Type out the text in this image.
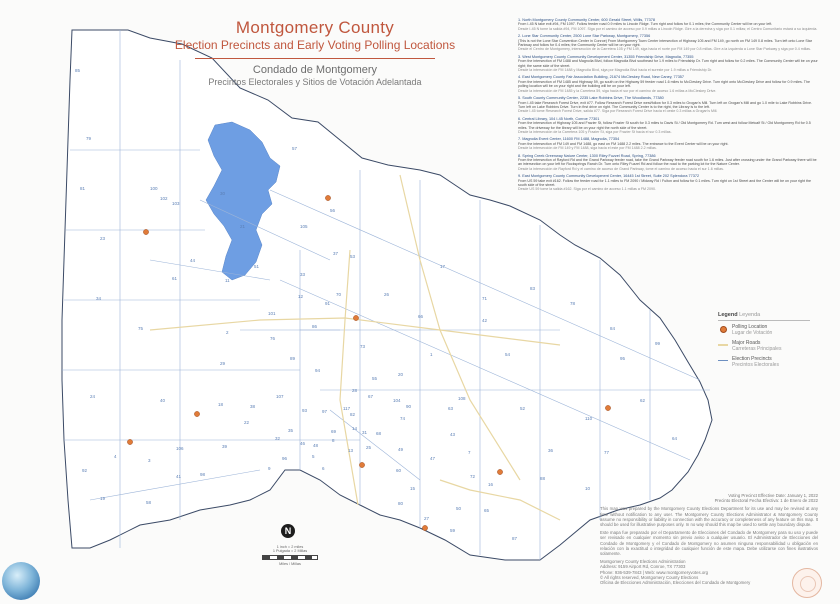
85
79
81
23
100
102
103
30
44
57
17
56
26
33
11
51
12
37
53
86
101
66
42
91
70
29
89
94
20
55
104
107
117
38
32
35
40
18
24
63
97
69	31 68
48
13
25	49
82
7
72
15
80
27
65
50
47
43
16
60
74
28
67
8
14
46
96	5
6
9
22
3
41
4
92
19
58
98
106	39
93
90
108
71
83
78
84
95
99
54
52
110
36	77
62
64
88
10
59
87
75
61
34
21	105
76
1
2
73
Montgomery County
Election Precincts and Early Voting Polling Locations
Condado de Montgomery
Precintos Electorales y Sitios de Votación Adelantada
1. North Montgomery County Community Center, 600 Gerald Street, Willis, 77378
From I-45 N take exit #94, FM 1097. Follow feeder road 0.9 miles to Lincoln Ridge. Turn right and follow for 0.1 miles; the Community Center will be on your left.
Desde I-45 N tome la salida #94, FM 1097. Siga por el camino de acceso por 0.9 millas a Lincoln Ridge. Gire a la derecha y siga por 0.1 millas; el Centro Comunitario estará a su izquierda.
2. Lone Star Community Center, 2500 Lone Star Parkway, Montgomery, 77356
(This is not the Lone Star Convention Center in Conroe) From Montgomery Town Center intersection of Highway 105 and FM 149, go north on FM 149 0.8 miles. Turn left onto Lone Star Parkway and follow for 0.4 miles; the Community Center will be on your right.
Desde el Centro de Montgomery, intersección de la Carretera 105 y FM 149, siga hacia el norte por FM 149 por 0.8 millas. Gire a la izquierda a Lone Star Parkway y siga por 0.4 millas.
3. West Montgomery County Community Development Center, 31355 Friendship Drive, Magnolia, 77355
From the intersection of FM 1488 and Magnolia Blvd, follow Magnolia Blvd southeast for 1.9 miles to Friendship Dr. Turn right and follow for 0.2 miles. The Community Center will be on your right; the same side of the street.
Desde la intersección de FM 1488 y Magnolia Blvd, siga por Magnolia Blvd hacia el sureste por 1.9 millas a Friendship Dr.
4. East Montgomery County Fair Association Building, 21674 McCleskey Road, New Caney, 77357
From the intersection of FM 1485 and Highway 59, go south on the Highway 59 feeder road 1.6 miles to McCleskey Drive. Turn right onto McCleskey Drive and follow for 0.9 miles. The polling location will be on your right and the building will be on your left.
Desde la intersección de FM 1485 y la Carretera 59, siga hacia el sur por el camino de acceso 1.6 millas a McCleskey Drive.
5. South County Community Center, 2235 Lake Robbins Drive, The Woodlands, 77380
From I-45 take Research Forest Drive, exit #77. Follow Research Forest Drive west/follow for 0.3 miles to Grogan's Mill. Turn left on Grogan's Mill and go 1.0 mile to Lake Robbins Drive. Turn left on Lake Robbins Drive. Turn in first drive on right. The Community Center is to the right, the Library is to the left.
Desde I-45 tome Research Forest Drive, salida #77. Siga por Research Forest Drive hacia el oeste 0.3 millas a Grogan's Mill.
6. Central Library, 104 I-45 North, Conroe 77301
From the intersection of Highway 105 and Frazier St, follow Frazier St south for 0.3 miles to Davis St / Old Montgomery Rd. Turn west and follow Metcalf St / Old Montgomery Rd for 0.5 miles. The driveway for the library will be on your right the north side of the street.
Desde la intersección de la Carretera 105 y Frazier St, siga por Frazier St hacia el sur 0.3 millas.
7. Magnolia Event Center, 11600 FM 1488, Magnolia, 77354
From the intersection of FM 149 and FM 1488, go east on FM 1488 2.2 miles. The entrance to the Event Center will be on your right.
Desde la intersección de FM 149 y FM 1488, siga hacia el este por FM 1488 2.2 millas.
8. Spring Creek Greenway Nature Center, 1300 Riley Fuzzel Road, Spring, 77386
From the intersection of Rayford Rd and the Grand Parkway feeder road, take the Grand Parkway feeder road south for 1.6 miles. Just after crossing under the Grand Parkway there will be an intersection on your left for Rocksprings Ranch Dr. Turn onto Riley Fuzzel Rd and follow the road to the parking lot for the Nature Center.
Desde la intersección de Rayford Rd y el camino de acceso de Grand Parkway, tome el camino de acceso hacia el sur 1.6 millas.
9. East Montgomery County Community Development Center, 16445 1st Street, Suite 202 Splendora 77372
From US 59 take exit #162. Follow the feeder road for 1.1 miles to FM 2090 / Midway Rd / Fulton and follow for 0.1 miles. Turn right on 1st Street and the Center will be on your right the south side of the street.
Desde US 59 tome la salida #162. Siga por el camino de acceso 1.1 millas a FM 2090.
Legend Leyenda
Polling Location
Lugar de Votación
Major Roads
Carreteras Principales
Election Precincts
Precintos Electorales
Voting Precinct Effective Date: January 1, 2022
Precinto Electoral Fecha Efectiva: 1 de Enero de 2022

This map was prepared by the Montgomery County Elections Department for its use and may be revised at any time without notification to any user. The Montgomery County Elections Administrator & Montgomery County assume no responsibility or liability in connection with the accuracy or completeness of any feature on this map. It should be used for illustrative purposes only. In no way should this map be used to settle any boundary dispute.

Este mapa fue preparado por el Departamento de Elecciones del Condado de Montgomery para su uso y puede ser revisado en cualquier momento sin previo aviso a cualquier usuario. El Administrador de Elecciones del Condado de Montgomery y el Condado de Montgomery no asumen ninguna responsabilidad u obligación en relación con la exactitud o integridad de cualquier función de este mapa. Debe utilizarse con fines ilustrativos solamente.

Montgomery County Elections Administration
Address: 9159 Airport Rd, Conroe, TX 77303
Phone: 936-539-7843 | Web: www.montgomeryvotes.org
© All rights reserved, Montgomery County Elections
Oficina de Elecciones Administración, Elecciones del Condado de Montgomery
N
1 inch = 2 miles
1 Pulgada = 2 Millas
Miles / Millas
